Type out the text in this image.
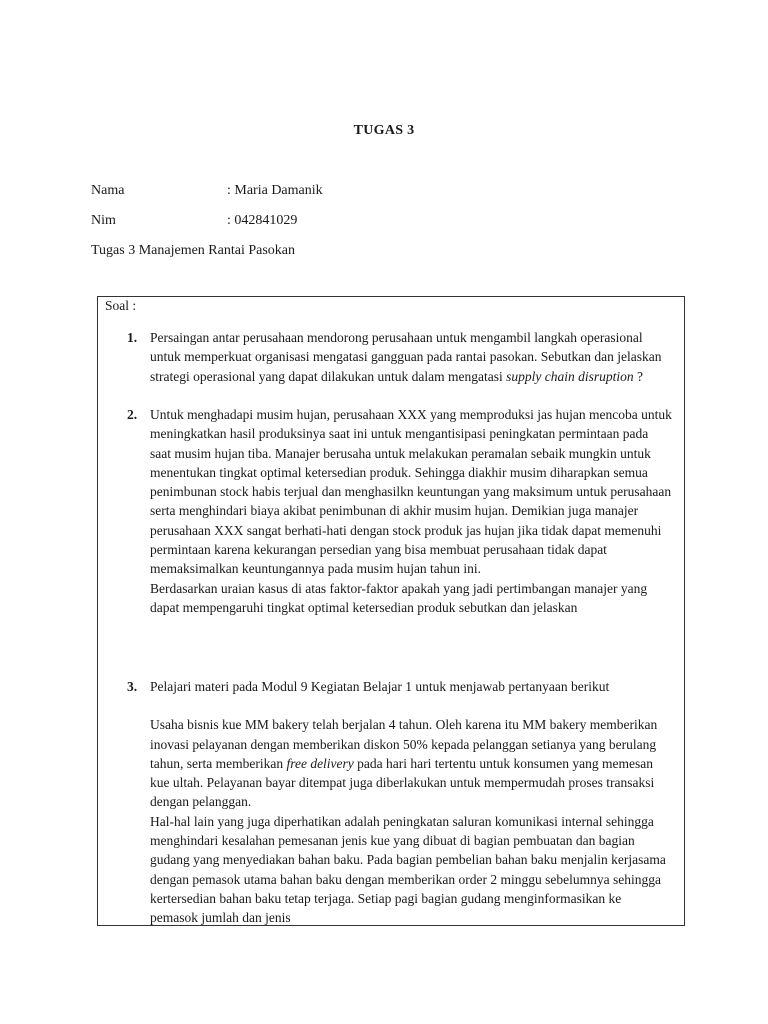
TUGAS 3
Nama	: Maria Damanik
Nim	: 042841029
Tugas 3 Manajemen Rantai Pasokan
Soal :
1. Persaingan antar perusahaan mendorong perusahaan untuk mengambil langkah operasional untuk memperkuat organisasi mengatasi gangguan pada rantai pasokan. Sebutkan dan jelaskan strategi operasional yang dapat dilakukan untuk dalam mengatasi supply chain disruption ?

2. Untuk menghadapi musim hujan, perusahaan XXX yang memproduksi jas hujan mencoba untuk meningkatkan hasil produksinya saat ini untuk mengantisipasi peningkatan permintaan pada saat musim hujan tiba. Manajer berusaha untuk melakukan peramalan sebaik mungkin untuk menentukan tingkat optimal ketersedian produk. Sehingga diakhir musim diharapkan semua penimbunan stock habis terjual dan menghasilkn keuntungan yang maksimum untuk perusahaan serta menghindari biaya akibat penimbunan di akhir musim hujan. Demikian juga manajer perusahaan XXX sangat berhati-hati dengan stock produk jas hujan jika tidak dapat memenuhi permintaan karena kekurangan persedian yang bisa membuat perusahaan tidak dapat memaksimalkan keuntungannya pada musim hujan tahun ini.

Berdasarkan uraian kasus di atas faktor-faktor apakah yang jadi pertimbangan manajer yang dapat mempengaruhi tingkat optimal ketersedian produk sebutkan dan jelaskan

3. Pelajari materi pada Modul 9 Kegiatan Belajar 1 untuk menjawab pertanyaan berikut

Usaha bisnis kue MM bakery telah berjalan 4 tahun. Oleh karena itu MM bakery memberikan inovasi pelayanan dengan memberikan diskon 50% kepada pelanggan setianya yang berulang tahun, serta memberikan free delivery pada hari hari tertentu untuk konsumen yang memesan kue ultah. Pelayanan bayar ditempat juga diberlakukan untuk mempermudah proses transaksi dengan pelanggan.

Hal-hal lain yang juga diperhatikan adalah peningkatan saluran komunikasi internal sehingga menghindari kesalahan pemesanan jenis kue yang dibuat di bagian pembuatan dan bagian gudang yang menyediakan bahan baku. Pada bagian pembelian bahan baku menjalin kerjasama dengan pemasok utama bahan baku dengan memberikan order 2 minggu sebelumnya sehingga kertersedian bahan baku tetap terjaga. Setiap pagi bagian gudang menginformasikan ke pemasok jumlah dan jenis
